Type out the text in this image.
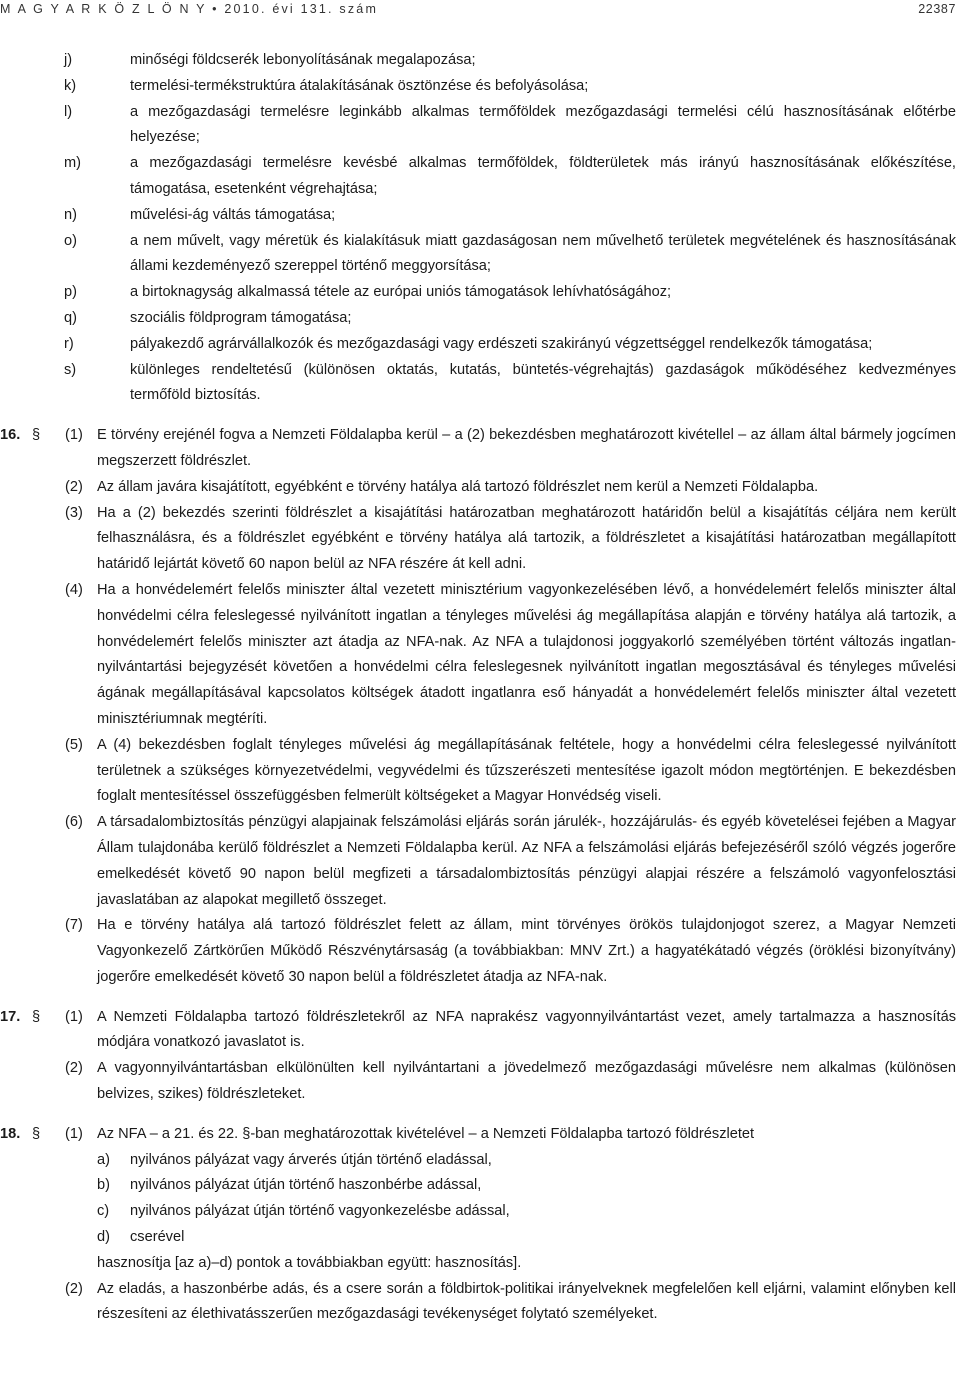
M A G Y A R K Ö Z L Ö N Y • 2010. évi 131. szám	22387
j)	minőségi földcserék lebonyolításának megalapozása;
k)	termelési-termékstruktúra átalakításának ösztönzése és befolyásolása;
l)	a mezőgazdasági termelésre leginkább alkalmas termőföldek mezőgazdasági termelési célú hasznosításának előtérbe helyezése;
m)	a mezőgazdasági termelésre kevésbé alkalmas termőföldek, földterületek más irányú hasznosításának előkészítése, támogatása, esetenként végrehajtása;
n)	művelési-ág váltás támogatása;
o)	a nem művelt, vagy méretük és kialakításuk miatt gazdaságosan nem művelhető területek megvételének és hasznosításának állami kezdeményező szereppel történő meggyorsítása;
p)	a birtoknagyság alkalmassá tétele az európai uniós támogatások lehívhatóságához;
q)	szociális földprogram támogatása;
r)	pályakezdő agrárvállalkozók és mezőgazdasági vagy erdészeti szakirányú végzettséggel rendelkezők támogatása;
s)	különleges rendeltetésű (különösen oktatás, kutatás, büntetés-végrehajtás) gazdaságok működéséhez kedvezményes termőföld biztosítás.
16. § (1) E törvény erejénél fogva a Nemzeti Földalapba kerül – a (2) bekezdésben meghatározott kivétellel – az állam által bármely jogcímen megszerzett földrészlet.
(2) Az állam javára kisajátított, egyébként e törvény hatálya alá tartozó földrészlet nem kerül a Nemzeti Földalapba.
(3) Ha a (2) bekezdés szerinti földrészlet a kisajátítási határozatban meghatározott határidőn belül a kisajátítás céljára nem került felhasználásra, és a földrészlet egyébként e törvény hatálya alá tartozik, a földrészletet a kisajátítási határozatban megállapított határidő lejártát követő 60 napon belül az NFA részére át kell adni.
(4) Ha a honvédelemért felelős miniszter által vezetett minisztérium vagyonkezelésében lévő, a honvédelemért felelős miniszter által honvédelmi célra feleslegessé nyilvánított ingatlan a tényleges művelési ág megállapítása alapján e törvény hatálya alá tartozik, a honvédelemért felelős miniszter azt átadja az NFA-nak. Az NFA a tulajdonosi joggyakorló személyében történt változás ingatlan-nyilvántartási bejegyzését követően a honvédelmi célra feleslegesnek nyilvánított ingatlan megosztásával és tényleges művelési ágának megállapításával kapcsolatos költségek átadott ingatlanra eső hányadát a honvédelemért felelős miniszter által vezetett minisztériumnak megtéríti.
(5) A (4) bekezdésben foglalt tényleges művelési ág megállapításának feltétele, hogy a honvédelmi célra feleslegessé nyilvánított területnek a szükséges környezetvédelmi, vegyvédelmi és tűzszerészeti mentesítése igazolt módon megtörténjen. E bekezdésben foglalt mentesítéssel összefüggésben felmerült költségeket a Magyar Honvédség viseli.
(6) A társadalombiztosítás pénzügyi alapjainak felszámolási eljárás során járulék-, hozzájárulás- és egyéb követelései fejében a Magyar Állam tulajdonába kerülő földrészlet a Nemzeti Földalapba kerül. Az NFA a felszámolási eljárás befejezéséről szóló végzés jogerőre emelkedését követő 90 napon belül megfizeti a társadalombiztosítás pénzügyi alapjai részére a felszámoló vagyonfelosztási javaslatában az alapokat megillető összeget.
(7) Ha e törvény hatálya alá tartozó földrészlet felett az állam, mint törvényes örökös tulajdonjogot szerez, a Magyar Nemzeti Vagyonkezelő Zártkörűen Működő Részvénytársaság (a továbbiakban: MNV Zrt.) a hagyatékátadó végzés (öröklési bizonyítvány) jogerőre emelkedését követő 30 napon belül a földrészletet átadja az NFA-nak.
17. § (1) A Nemzeti Földalapba tartozó földrészletekről az NFA naprakész vagyonnyilvántartást vezet, amely tartalmazza a hasznosítás módjára vonatkozó javaslatot is.
(2) A vagyonnyilvántartásban elkülönülten kell nyilvántartani a jövedelmező mezőgazdasági művelésre nem alkalmas (különösen belvizes, szikes) földrészleteket.
18. § (1) Az NFA – a 21. és 22. §-ban meghatározottak kivételével – a Nemzeti Földalapba tartozó földrészletet
a) nyilvános pályázat vagy árverés útján történő eladással,
b) nyilvános pályázat útján történő haszonbérbe adással,
c) nyilvános pályázat útján történő vagyonkezelésbe adással,
d) cserével
hasznosítja [az a)–d) pontok a továbbiakban együtt: hasznosítás].
(2) Az eladás, a haszonbérbe adás, és a csere során a földbirtok-politikai irányelveknek megfelelően kell eljárni, valamint előnyben kell részesíteni az élethivatásszerűen mezőgazdasági tevékenységet folytató személyeket.
